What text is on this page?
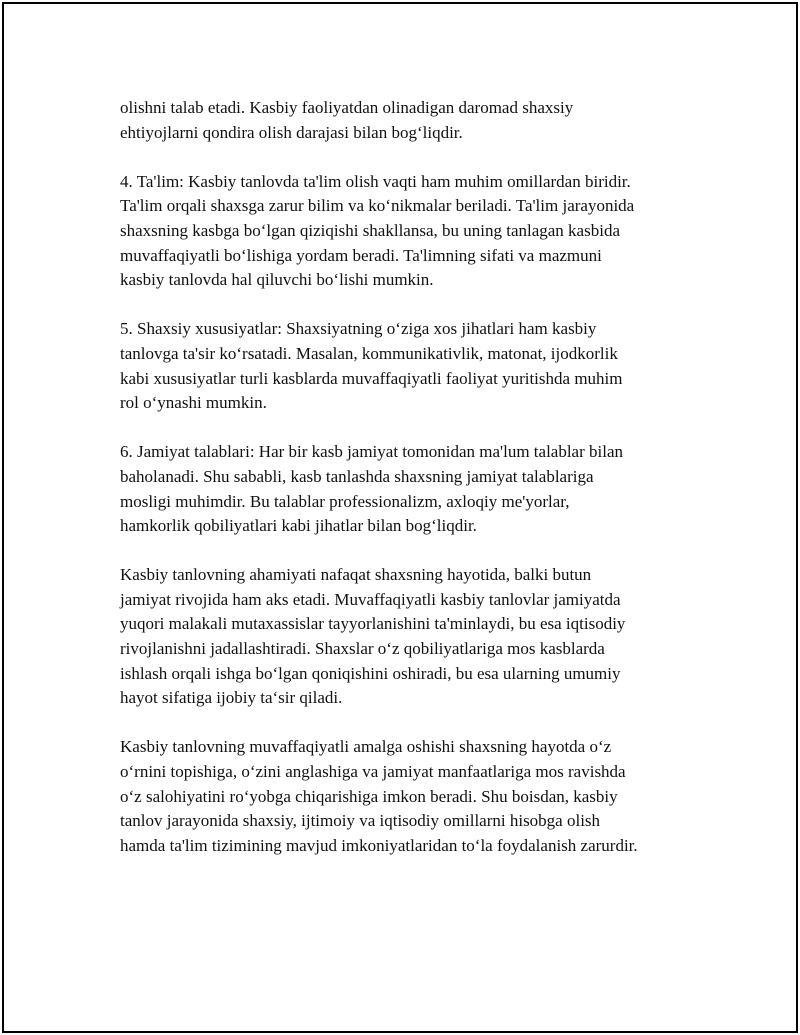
olishni talab etadi. Kasbiy faoliyatdan olinadigan daromad shaxsiy
ehtiyojlarni qondira olish darajasi bilan bog‘liqdir.

4. Ta'lim: Kasbiy tanlovda ta'lim olish vaqti ham muhim omillardan biridir.
Ta'lim orqali shaxsga zarur bilim va ko‘nikmalar beriladi. Ta'lim jarayonida
shaxsning kasbga bo‘lgan qiziqishi shakllansa, bu uning tanlagan kasbida
muvaffaqiyatli bo‘lishiga yordam beradi. Ta'limning sifati va mazmuni
kasbiy tanlovda hal qiluvchi bo‘lishi mumkin.

5. Shaxsiy xususiyatlar: Shaxsiyatning o‘ziga xos jihatlari ham kasbiy
tanlovga ta'sir ko‘rsatadi. Masalan, kommunikativlik, matonat, ijodkorlik
kabi xususiyatlar turli kasblarda muvaffaqiyatli faoliyat yuritishda muhim
rol o‘ynashi mumkin.

6. Jamiyat talablari: Har bir kasb jamiyat tomonidan ma'lum talablar bilan
baholanadi. Shu sababli, kasb tanlashda shaxsning jamiyat talablariga
mosligi muhimdir. Bu talablar professionalizm, axloqiy me'yorlar,
hamkorlik qobiliyatlari kabi jihatlar bilan bog‘liqdir.

Kasbiy tanlovning ahamiyati nafaqat shaxsning hayotida, balki butun
jamiyat rivojida ham aks etadi. Muvaffaqiyatli kasbiy tanlovlar jamiyatda
yuqori malakali mutaxassislar tayyorlanishini ta'minlaydi, bu esa iqtisodiy
rivojlanishni jadallashtiradi. Shaxslar o‘z qobiliyatlariga mos kasblarda
ishlash orqali ishga bo‘lgan qoniqishini oshiradi, bu esa ularning umumiy
hayot sifatiga ijobiy ta‘sir qiladi.

Kasbiy tanlovning muvaffaqiyatli amalga oshishi shaxsning hayotda o‘z
o‘rnini topishiga, o‘zini anglashiga va jamiyat manfaatlariga mos ravishda
o‘z salohiyatini ro‘yobga chiqarishiga imkon beradi. Shu boisdan, kasbiy
tanlov jarayonida shaxsiy, ijtimoiy va iqtisodiy omillarni hisobga olish
hamda ta'lim tizimining mavjud imkoniyatlaridan to‘la foydalanish zarurdir.
